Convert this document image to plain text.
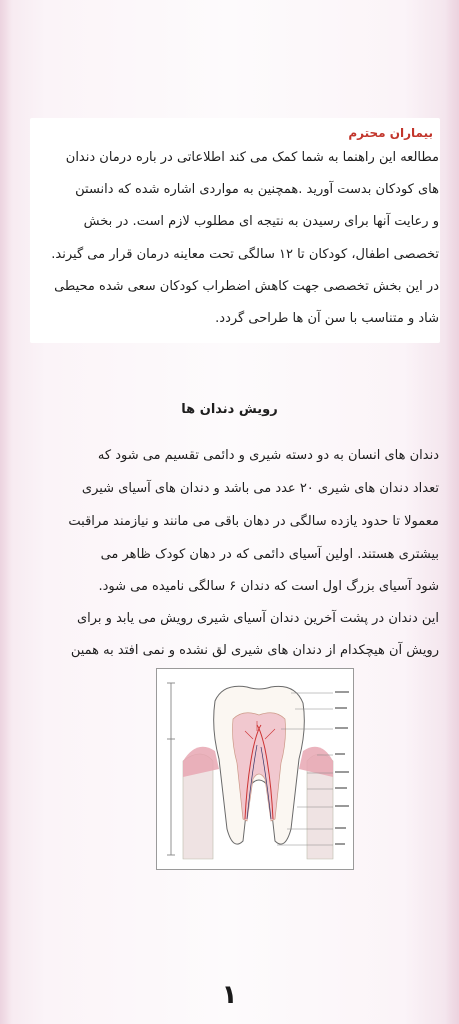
بیماران محترم
مطالعه این راهنما به شما کمک می کند اطلاعاتی در باره درمان دندان
های کودکان بدست آورید .همچنین به مواردی اشاره شده که دانستن
و رعایت آنها برای رسیدن به نتیجه ای مطلوب لازم است. در بخش
تخصصی اطفال، کودکان تا ۱۲ سالگی تحت معاینه درمان قرار می گیرند.
در این بخش تخصصی جهت کاهش اضطراب کودکان سعی شده محیطی
شاد و متناسب با سن آن ها طراحی گردد.
رویش دندان ها
دندان های انسان به دو دسته شیری و دائمی تقسیم می شود که
تعداد دندان های شیری ۲۰ عدد می باشد و دندان های آسیای شیری
معمولا تا حدود یازده سالگی در دهان باقی می مانند و نیازمند مراقبت
بیشتری هستند. اولین آسیای دائمی که در دهان کودک ظاهر می
شود آسیای بزرگ اول است که دندان ۶ سالگی نامیده می شود.
این دندان در پشت آخرین دندان آسیای شیری رویش می یابد و برای
رویش آن هیچکدام از دندان های شیری لق نشده و نمی افتد به همین
۱
